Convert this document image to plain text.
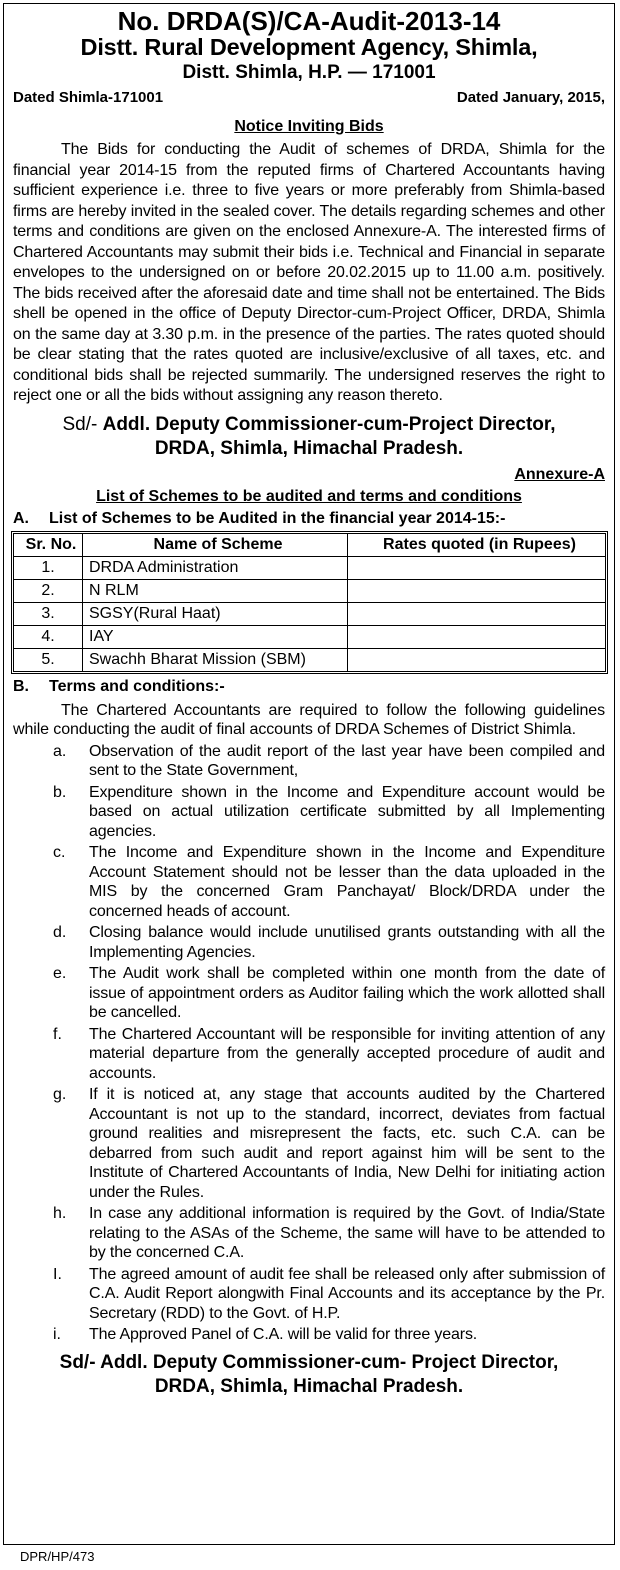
No. DRDA(S)/CA-Audit-2013-14
Distt. Rural Development Agency, Shimla,
Distt. Shimla, H.P. — 171001
Dated Shimla-171001	Dated January, 2015,
Notice Inviting Bids
The Bids for conducting the Audit of schemes of DRDA, Shimla for the financial year 2014-15 from the reputed firms of Chartered Accountants having sufficient experience i.e. three to five years or more preferably from Shimla-based firms are hereby invited in the sealed cover. The details regarding schemes and other terms and conditions are given on the enclosed Annexure-A. The interested firms of Chartered Accountants may submit their bids i.e. Technical and Financial in separate envelopes to the undersigned on or before 20.02.2015 up to 11.00 a.m. positively. The bids received after the aforesaid date and time shall not be entertained. The Bids shell be opened in the office of Deputy Director-cum-Project Officer, DRDA, Shimla on the same day at 3.30 p.m. in the presence of the parties. The rates quoted should be clear stating that the rates quoted are inclusive/exclusive of all taxes, etc. and conditional bids shall be rejected summarily. The undersigned reserves the right to reject one or all the bids without assigning any reason thereto.
Sd/- Addl. Deputy Commissioner-cum-Project Director,
DRDA, Shimla, Himachal Pradesh.
Annexure-A
List of Schemes to be audited and terms and conditions
A.	List of Schemes to be Audited in the financial year 2014-15:-
Sr. No.	Name of Scheme	Rates quoted (in Rupees)
1.	DRDA Administration	
2.	N RLM	
3.	SGSY(Rural Haat)	
4.	IAY	
5.	Swachh Bharat Mission (SBM)	
B.	Terms and conditions:-
The Chartered Accountants are required to follow the following guidelines while conducting the audit of final accounts of DRDA Schemes of District Shimla.
a.	Observation of the audit report of the last year have been compiled and sent to the State Government,
b.	Expenditure shown in the Income and Expenditure account would be based on actual utilization certificate submitted by all Implementing agencies.
c.	The Income and Expenditure shown in the Income and Expenditure Account Statement should not be lesser than the data uploaded in the MIS by the concerned Gram Panchayat/ Block/DRDA under the concerned heads of account.
d.	Closing balance would include unutilised grants outstanding with all the Implementing Agencies.
e.	The Audit work shall be completed within one month from the date of issue of appointment orders as Auditor failing which the work allotted shall be cancelled.
f.	The Chartered Accountant will be responsible for inviting attention of any material departure from the generally accepted procedure of audit and accounts.
g.	If it is noticed at, any stage that accounts audited by the Chartered Accountant is not up to the standard, incorrect, deviates from factual ground realities and misrepresent the facts, etc. such C.A. can be debarred from such audit and report against him will be sent to the Institute of Chartered Accountants of India, New Delhi for initiating action under the Rules.
h.	In case any additional information is required by the Govt. of India/State relating to the ASAs of the Scheme, the same will have to be attended to by the concerned C.A.
I.	The agreed amount of audit fee shall be released only after submission of C.A. Audit Report alongwith Final Accounts and its acceptance by the Pr. Secretary (RDD) to the Govt. of H.P.
i.	The Approved Panel of C.A. will be valid for three years.
Sd/- Addl. Deputy Commissioner-cum- Project Director,
DRDA, Shimla, Himachal Pradesh.
DPR/HP/473
